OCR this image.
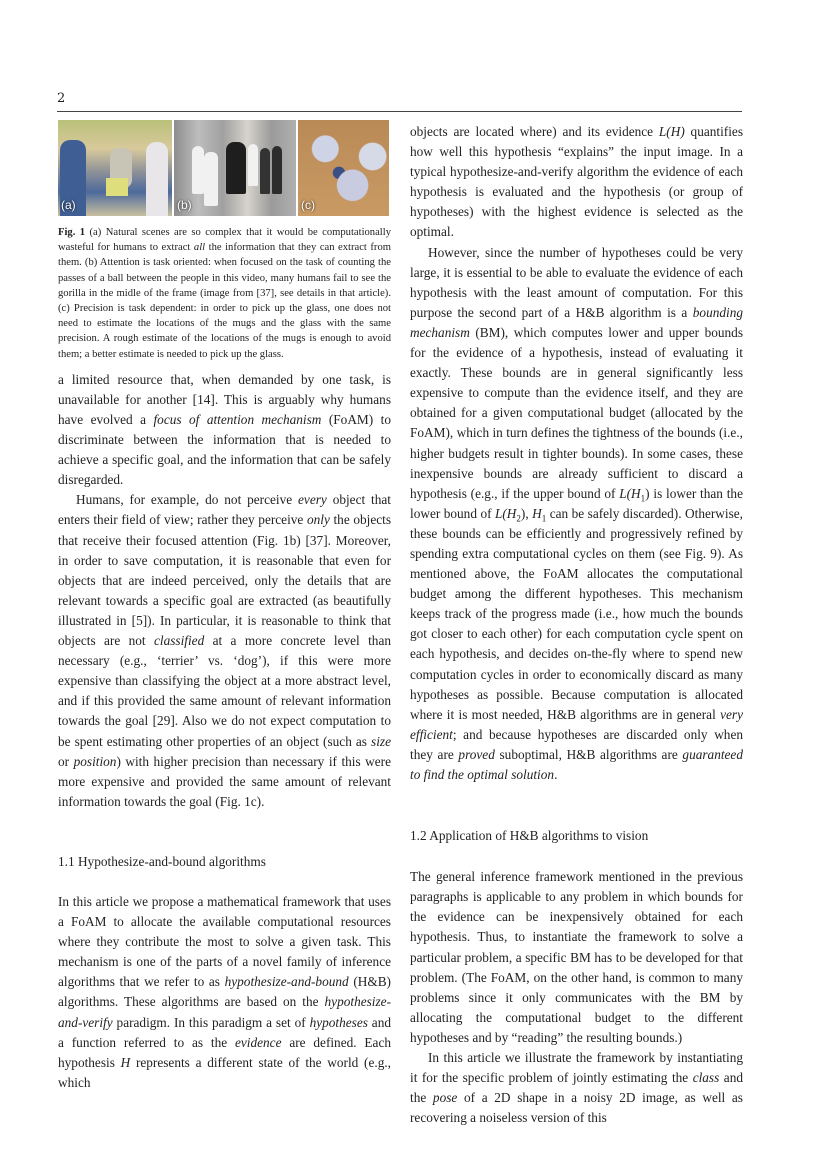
2
(a)	(b)	(c)
Fig. 1 (a) Natural scenes are so complex that it would be computationally wasteful for humans to extract all the information that they can extract from them. (b) Attention is task oriented: when focused on the task of counting the passes of a ball between the people in this video, many humans fail to see the gorilla in the midle of the frame (image from [37], see details in that article). (c) Precision is task dependent: in order to pick up the glass, one does not need to estimate the locations of the mugs and the glass with the same precision. A rough estimate of the locations of the mugs is enough to avoid them; a better estimate is needed to pick up the glass.

a limited resource that, when demanded by one task, is unavailable for another [14]. This is arguably why humans have evolved a focus of attention mechanism (FoAM) to discriminate between the information that is needed to achieve a specific goal, and the information that can be safely disregarded.

Humans, for example, do not perceive every object that enters their field of view; rather they perceive only the objects that receive their focused attention (Fig. 1b) [37]. Moreover, in order to save computation, it is reasonable that even for objects that are indeed perceived, only the details that are relevant towards a specific goal are extracted (as beautifully illustrated in [5]). In particular, it is reasonable to think that objects are not classified at a more concrete level than necessary (e.g., ‘terrier’ vs. ‘dog’), if this were more expensive than classifying the object at a more abstract level, and if this provided the same amount of relevant information towards the goal [29]. Also we do not expect computation to be spent estimating other properties of an object (such as size or position) with higher precision than necessary if this were more expensive and provided the same amount of relevant information towards the goal (Fig. 1c).

1.1 Hypothesize-and-bound algorithms

In this article we propose a mathematical framework that uses a FoAM to allocate the available computational resources where they contribute the most to solve a given task. This mechanism is one of the parts of a novel family of inference algorithms that we refer to as hypothesize-and-bound (H&B) algorithms. These algorithms are based on the hypothesize-and-verify paradigm. In this paradigm a set of hypotheses and a function referred to as the evidence are defined. Each hypothesis H represents a different state of the world (e.g., which

objects are located where) and its evidence L(H) quantifies how well this hypothesis “explains” the input image. In a typical hypothesize-and-verify algorithm the evidence of each hypothesis is evaluated and the hypothesis (or group of hypotheses) with the highest evidence is selected as the optimal.

However, since the number of hypotheses could be very large, it is essential to be able to evaluate the evidence of each hypothesis with the least amount of computation. For this purpose the second part of a H&B algorithm is a bounding mechanism (BM), which computes lower and upper bounds for the evidence of a hypothesis, instead of evaluating it exactly. These bounds are in general significantly less expensive to compute than the evidence itself, and they are obtained for a given computational budget (allocated by the FoAM), which in turn defines the tightness of the bounds (i.e., higher budgets result in tighter bounds). In some cases, these inexpensive bounds are already sufficient to discard a hypothesis (e.g., if the upper bound of $L(H_1)$ is lower than the lower bound of $L(H_2)$, $H_1$ can be safely discarded). Otherwise, these bounds can be efficiently and progressively refined by spending extra computational cycles on them (see Fig. 9). As mentioned above, the FoAM allocates the computational budget among the different hypotheses. This mechanism keeps track of the progress made (i.e., how much the bounds got closer to each other) for each computation cycle spent on each hypothesis, and decides on-the-fly where to spend new computation cycles in order to economically discard as many hypotheses as possible. Because computation is allocated where it is most needed, H&B algorithms are in general very efficient; and because hypotheses are discarded only when they are proved suboptimal, H&B algorithms are guaranteed to find the optimal solution.

1.2 Application of H&B algorithms to vision

The general inference framework mentioned in the previous paragraphs is applicable to any problem in which bounds for the evidence can be inexpensively obtained for each hypothesis. Thus, to instantiate the framework to solve a particular problem, a specific BM has to be developed for that problem. (The FoAM, on the other hand, is common to many problems since it only communicates with the BM by allocating the computational budget to the different hypotheses and by “reading” the resulting bounds.)

In this article we illustrate the framework by instantiating it for the specific problem of jointly estimating the class and the pose of a 2D shape in a noisy 2D image, as well as recovering a noiseless version of this
